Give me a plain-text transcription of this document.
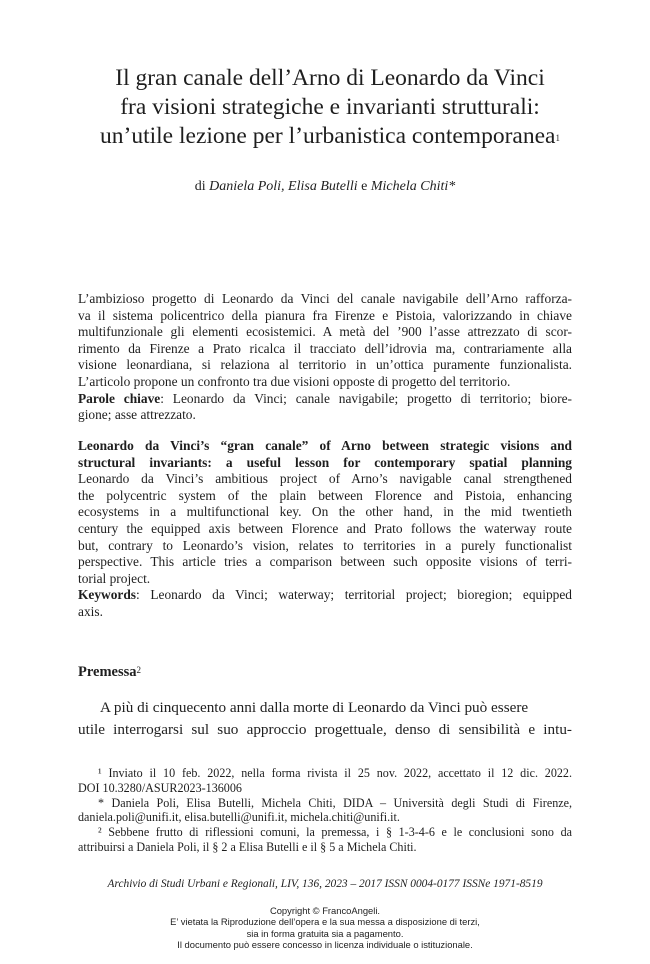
Il gran canale dell’Arno di Leonardo da Vinci
fra visioni strategiche e invarianti strutturali:
un’utile lezione per l’urbanistica contemporanea$^1$
di Daniela Poli, Elisa Butelli e Michela Chiti*
L’ambizioso progetto di Leonardo da Vinci del canale navigabile dell’Arno rafforza-
va il sistema policentrico della pianura fra Firenze e Pistoia, valorizzando in chiave
multifunzionale gli elementi ecosistemici. A metà del ’900 l’asse attrezzato di scor-
rimento da Firenze a Prato ricalca il tracciato dell’idrovia ma, contrariamente alla
visione leonardiana, si relaziona al territorio in un’ottica puramente funzionalista.
L’articolo propone un confronto tra due visioni opposte di progetto del territorio.
Parole chiave: Leonardo da Vinci; canale navigabile; progetto di territorio; biore-
gione; asse attrezzato.
Leonardo da Vinci’s “gran canale” of Arno between strategic visions and
structural invariants: a useful lesson for contemporary spatial planning
Leonardo da Vinci’s ambitious project of Arno’s navigable canal strengthened
the polycentric system of the plain between Florence and Pistoia, enhancing
ecosystems in a multifunctional key. On the other hand, in the mid twentieth
century the equipped axis between Florence and Prato follows the waterway route
but, contrary to Leonardo’s vision, relates to territories in a purely functionalist
perspective. This article tries a comparison between such opposite visions of terri-
torial project.
Keywords: Leonardo da Vinci; waterway; territorial project; bioregion; equipped
axis.
Premessa$^2$
A più di cinquecento anni dalla morte di Leonardo da Vinci può essere
utile interrogarsi sul suo approccio progettuale, denso di sensibilità e intu-
¹ Inviato il 10 feb. 2022, nella forma rivista il 25 nov. 2022, accettato il 12 dic. 2022.
DOI 10.3280/ASUR2023-136006
* Daniela Poli, Elisa Butelli, Michela Chiti, DIDA – Università degli Studi di Firenze,
daniela.poli@unifi.it, elisa.butelli@unifi.it, michela.chiti@unifi.it.
² Sebbene frutto di riflessioni comuni, la premessa, i § 1-3-4-6 e le conclusioni sono da
attribuirsi a Daniela Poli, il § 2 a Elisa Butelli e il § 5 a Michela Chiti.
Archivio di Studi Urbani e Regionali, LIV, 136, 2023 – 2017 ISSN 0004-0177 ISSNe 1971-8519
Copyright © FrancoAngeli.
E’ vietata la Riproduzione dell’opera e la sua messa a disposizione di terzi,
sia in forma gratuita sia a pagamento.
Il documento può essere concesso in licenza individuale o istituzionale.
